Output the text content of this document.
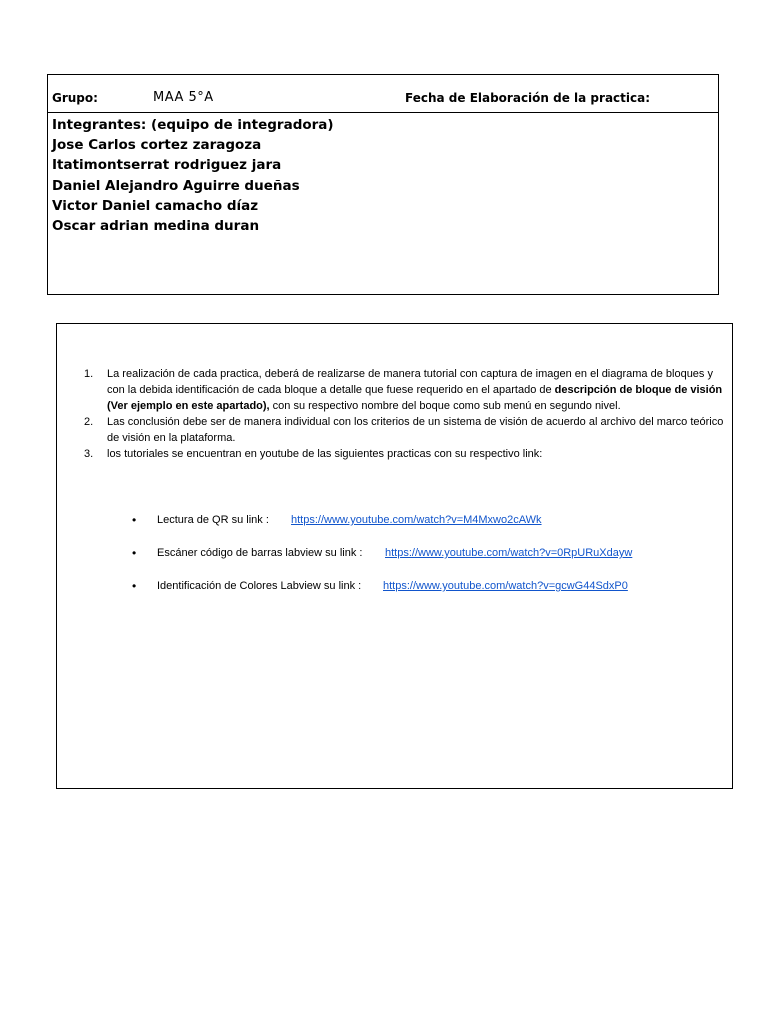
Grupo:	MAA 5°A	Fecha de Elaboración de la practica:
Integrantes: (equipo de integradora)
Jose Carlos cortez zaragoza
Itatimontserrat rodriguez jara
Daniel Alejandro Aguirre dueñas
Victor Daniel camacho díaz
Oscar adrian medina duran
1. La realización de cada practica, deberá de realizarse de manera tutorial con captura de imagen en el diagrama de bloques y con la debida identificación de cada bloque a detalle que fuese requerido en el apartado de descripción de bloque de visión (Ver ejemplo en este apartado), con su respectivo nombre del boque como sub menú en segundo nivel.
2. Las conclusión debe ser de manera individual con los criterios de un sistema de visión de acuerdo al archivo del marco teórico de visión en la plataforma.
3. los tutoriales se encuentran en youtube de las siguientes practicas con su respectivo link:
• Lectura de QR su link : https://www.youtube.com/watch?v=M4Mxwo2cAWk
• Escáner código de barras labview su link : https://www.youtube.com/watch?v=0RpURuXdayw
• Identificación de Colores Labview su link : https://www.youtube.com/watch?v=gcwG44SdxP0
